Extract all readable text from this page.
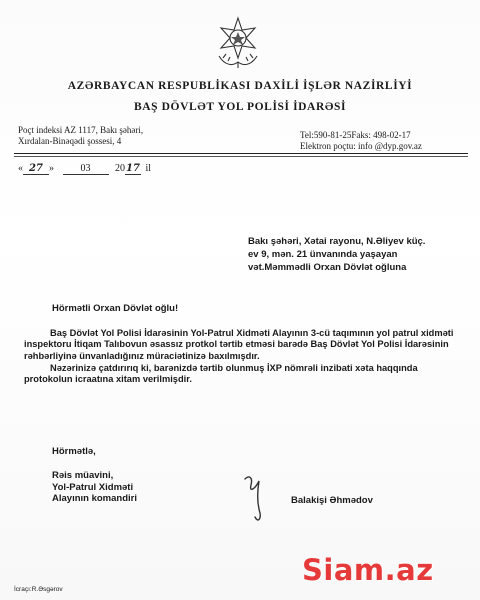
AZƏRBAYCAN RESPUBLİKASI DAXİLİ İŞLƏR NAZİRLİYİ
BAŞ DÖVLƏT YOL POLİSİ İDARƏSİ
Poçt indeksi AZ 1117, Bakı şəhəri,
Xırdalan-Binəqədi şossesi, 4
Tel:590-81-25Faks: 498-02-17
Elektron poçtu: info @dyp.gov.az
« 27 »	03 2017 il
Bakı şəhəri, Xətai rayonu, N.Əliyev küç.
ev 9, mən. 21 ünvanında yaşayan
vət.Məmmədli Orxan Dövlət oğluna
Hörmətli Orxan Dövlət oğlu!
Baş Dövlət Yol Polisi İdarəsinin Yol-Patrul Xidməti Alayının 3-cü taqımının yol patrul xidməti inspektoru İtiqam Talıbovun əsassız protkol tərtib etməsi barədə Baş Dövlət Yol Polisi İdarəsinin rəhbərliyinə ünvanladığınız müraciətinizə baxılmışdır.
Nəzərinizə çatdırırıq ki, barənizdə tərtib olunmuş İXP nömrəli inzibati xəta haqqında protokolun icraatına xitam verilmişdir.
Hörmətlə,
Rəis müavini,
Yol-Patrul Xidməti
Alayının komandiri	Balakişi Əhmədov
İcraçı:R.Əsgərov
Siam.az
